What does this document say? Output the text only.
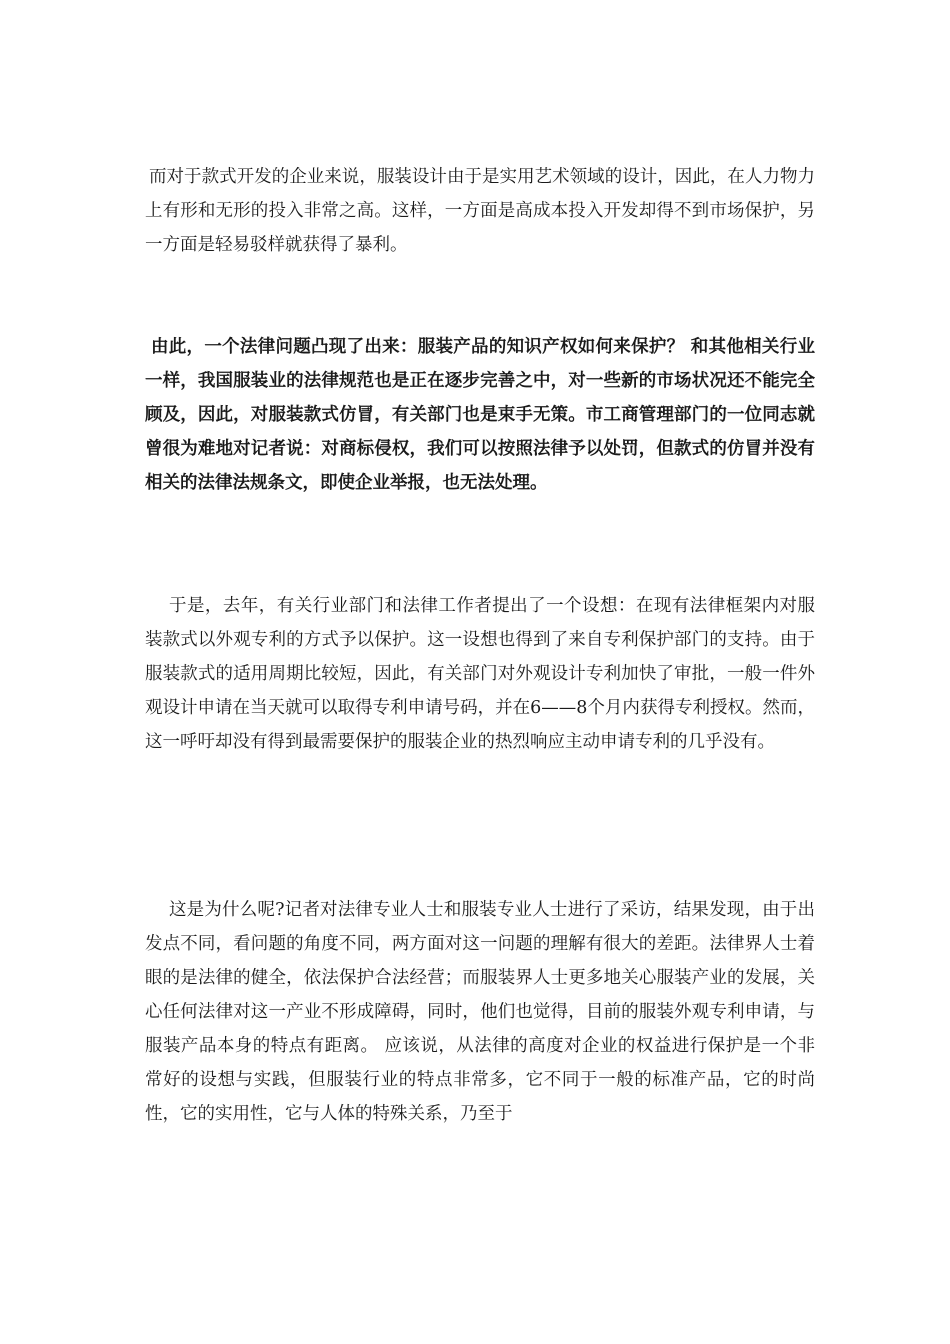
而对于款式开发的企业来说，服装设计由于是实用艺术领域的设计，因此，在人力物力上有形和无形的投入非常之高。这样，一方面是高成本投入开发却得不到市场保护，另一方面是轻易驳样就获得了暴利。

由此，一个法律问题凸现了出来：服装产品的知识产权如何来保护？ 和其他相关行业一样，我国服装业的法律规范也是正在逐步完善之中，对一些新的市场状况还不能完全顾及，因此，对服装款式仿冒，有关部门也是束手无策。市工商管理部门的一位同志就曾很为难地对记者说：对商标侵权，我们可以按照法律予以处罚，但款式的仿冒并没有相关的法律法规条文，即使企业举报，也无法处理。

于是，去年，有关行业部门和法律工作者提出了一个设想：在现有法律框架内对服装款式以外观专利的方式予以保护。这一设想也得到了来自专利保护部门的支持。由于服装款式的适用周期比较短，因此，有关部门对外观设计专利加快了审批，一般一件外观设计申请在当天就可以取得专利申请号码，并在6——8个月内获得专利授权。然而，这一呼吁却没有得到最需要保护的服装企业的热烈响应主动申请专利的几乎没有。

这是为什么呢?记者对法律专业人士和服装专业人士进行了采访，结果发现，由于出发点不同，看问题的角度不同，两方面对这一问题的理解有很大的差距。法律界人士着眼的是法律的健全，依法保护合法经营；而服装界人士更多地关心服装产业的发展，关心任何法律对这一产业不形成障碍，同时，他们也觉得，目前的服装外观专利申请，与服装产品本身的特点有距离。 应该说，从法律的高度对企业的权益进行保护是一个非常好的设想与实践，但服装行业的特点非常多，它不同于一般的标准产品，它的时尚性，它的实用性，它与人体的特殊关系，乃至于
